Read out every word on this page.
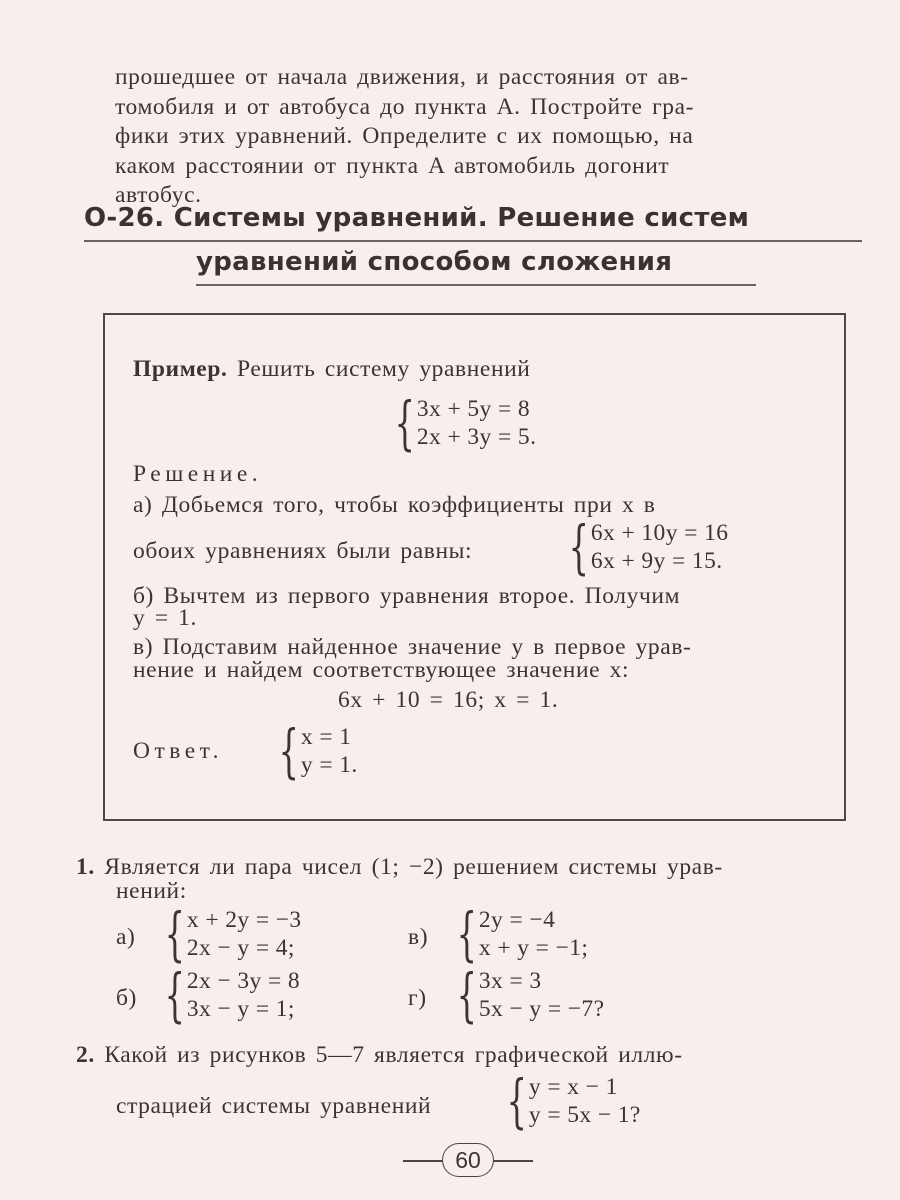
прошедшее от начала движения, и расстояния от ав-
томобиля и от автобуса до пункта A. Постройте гра-
фики этих уравнений. Определите с их помощью, на
каком расстоянии от пункта A автомобиль догонит
автобус.
О-26. Системы уравнений. Решение систем
уравнений способом сложения
Пример. Решить систему уравнений
{ 3x + 5y = 8
2x + 3y = 5.
Решение.
а) Добьемся того, чтобы коэффициенты при x в
обоих уравнениях были равны: { 6x + 10y = 16
6x + 9y = 15.
б) Вычтем из первого уравнения второе. Получим
y = 1.
в) Подставим найденное значение y в первое урав-
нение и найдем соответствующее значение x:
6x + 10 = 16; x = 1.
Ответ. { x = 1
y = 1.
1. Является ли пара чисел (1; −2) решением системы урав-
нений:
а) { x + 2y = −3
2x − y = 4;	в) { 2y = −4
x + y = −1;
б) { 2x − 3y = 8
3x − y = 1;	г) { 3x = 3
5x − y = −7?
2. Какой из рисунков 5—7 является графической иллю-
страцией системы уравнений { y = x − 1
y = 5x − 1?
60
